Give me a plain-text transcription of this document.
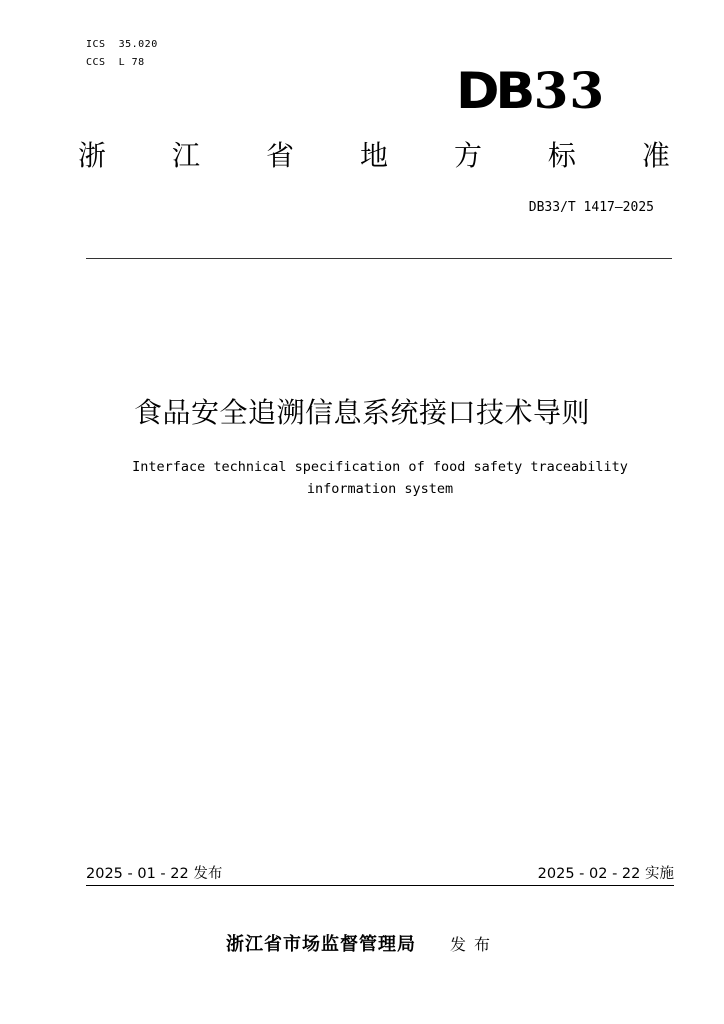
ICS  35.020
CCS  L 78	DB 33
浙 江 省 地 方 标 准
DB33/T 1417—2025
食品安全追溯信息系统接口技术导则
Interface technical specification of food safety traceability
information system
2025 - 01 - 22 发布	2025 - 02 - 22 实施
浙江省市场监督管理局 发布
